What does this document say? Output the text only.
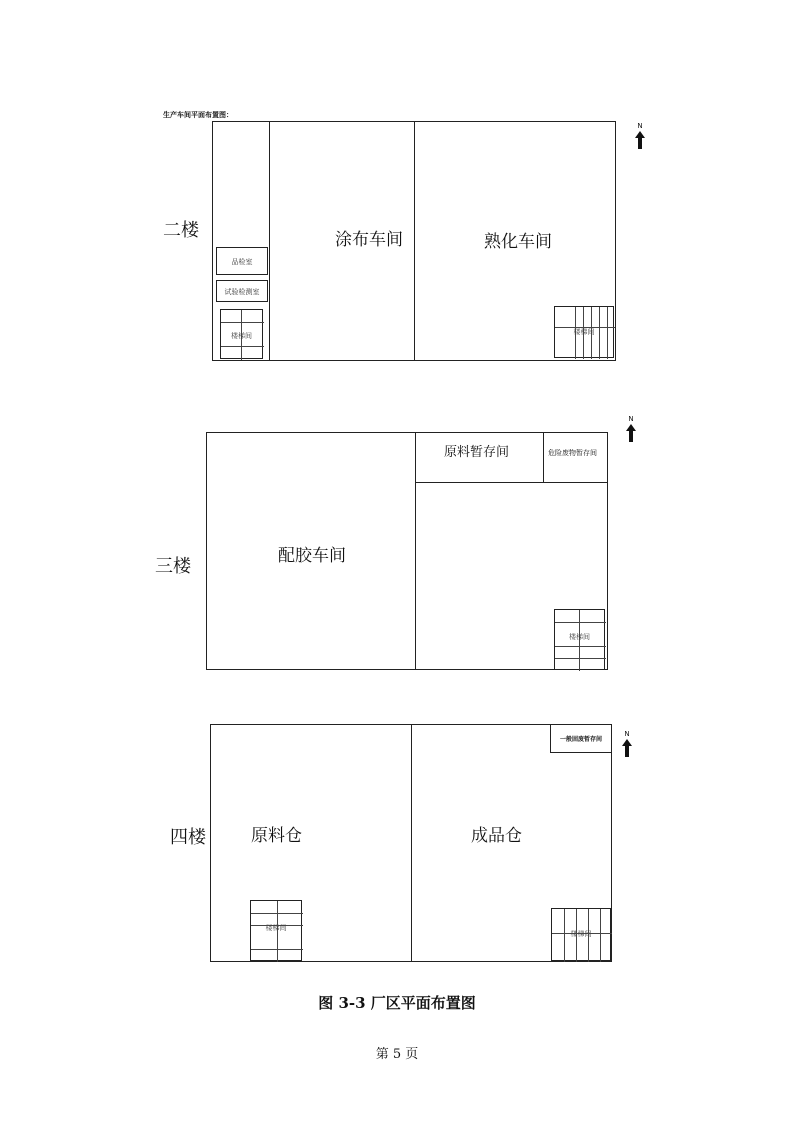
生产车间平面布置图：
二楼	涂布车间	熟化车间
品检室
试验检测室
楼梯间	楼梯间
N
三楼	配胶车间
原料暂存间	危险废物暂存间
楼梯间
N
四楼	原料仓	成品仓
一般固废暂存间
楼梯间
楼梯间
N
图 3-3 厂区平面布置图
第 5 页
